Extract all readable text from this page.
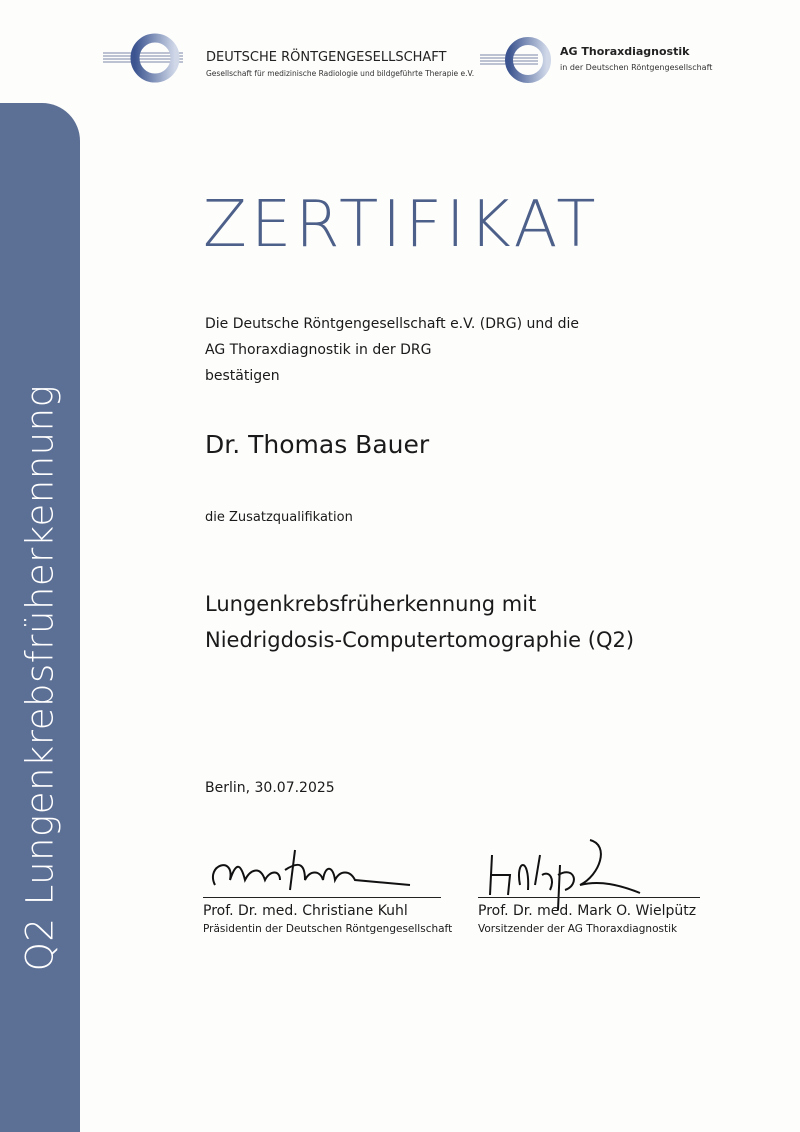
Q2 Lungenkrebsfrüherkennung
DEUTSCHE RÖNTGENGESELLSCHAFT
Gesellschaft für medizinische Radiologie und bildgeführte Therapie e.V.
AG Thoraxdiagnostik
in der Deutschen Röntgengesellschaft
ZERTIFIKAT
Die Deutsche Röntgengesellschaft e.V. (DRG) und die
AG Thoraxdiagnostik in der DRG
bestätigen
Dr. Thomas Bauer
die Zusatzqualifikation
Lungenkrebsfrüherkennung mit
Niedrigdosis-Computertomographie (Q2)
Berlin, 30.07.2025
Prof. Dr. med. Christiane Kuhl
Präsidentin der Deutschen Röntgengesellschaft
Prof. Dr. med. Mark O. Wielpütz
Vorsitzender der AG Thoraxdiagnostik
